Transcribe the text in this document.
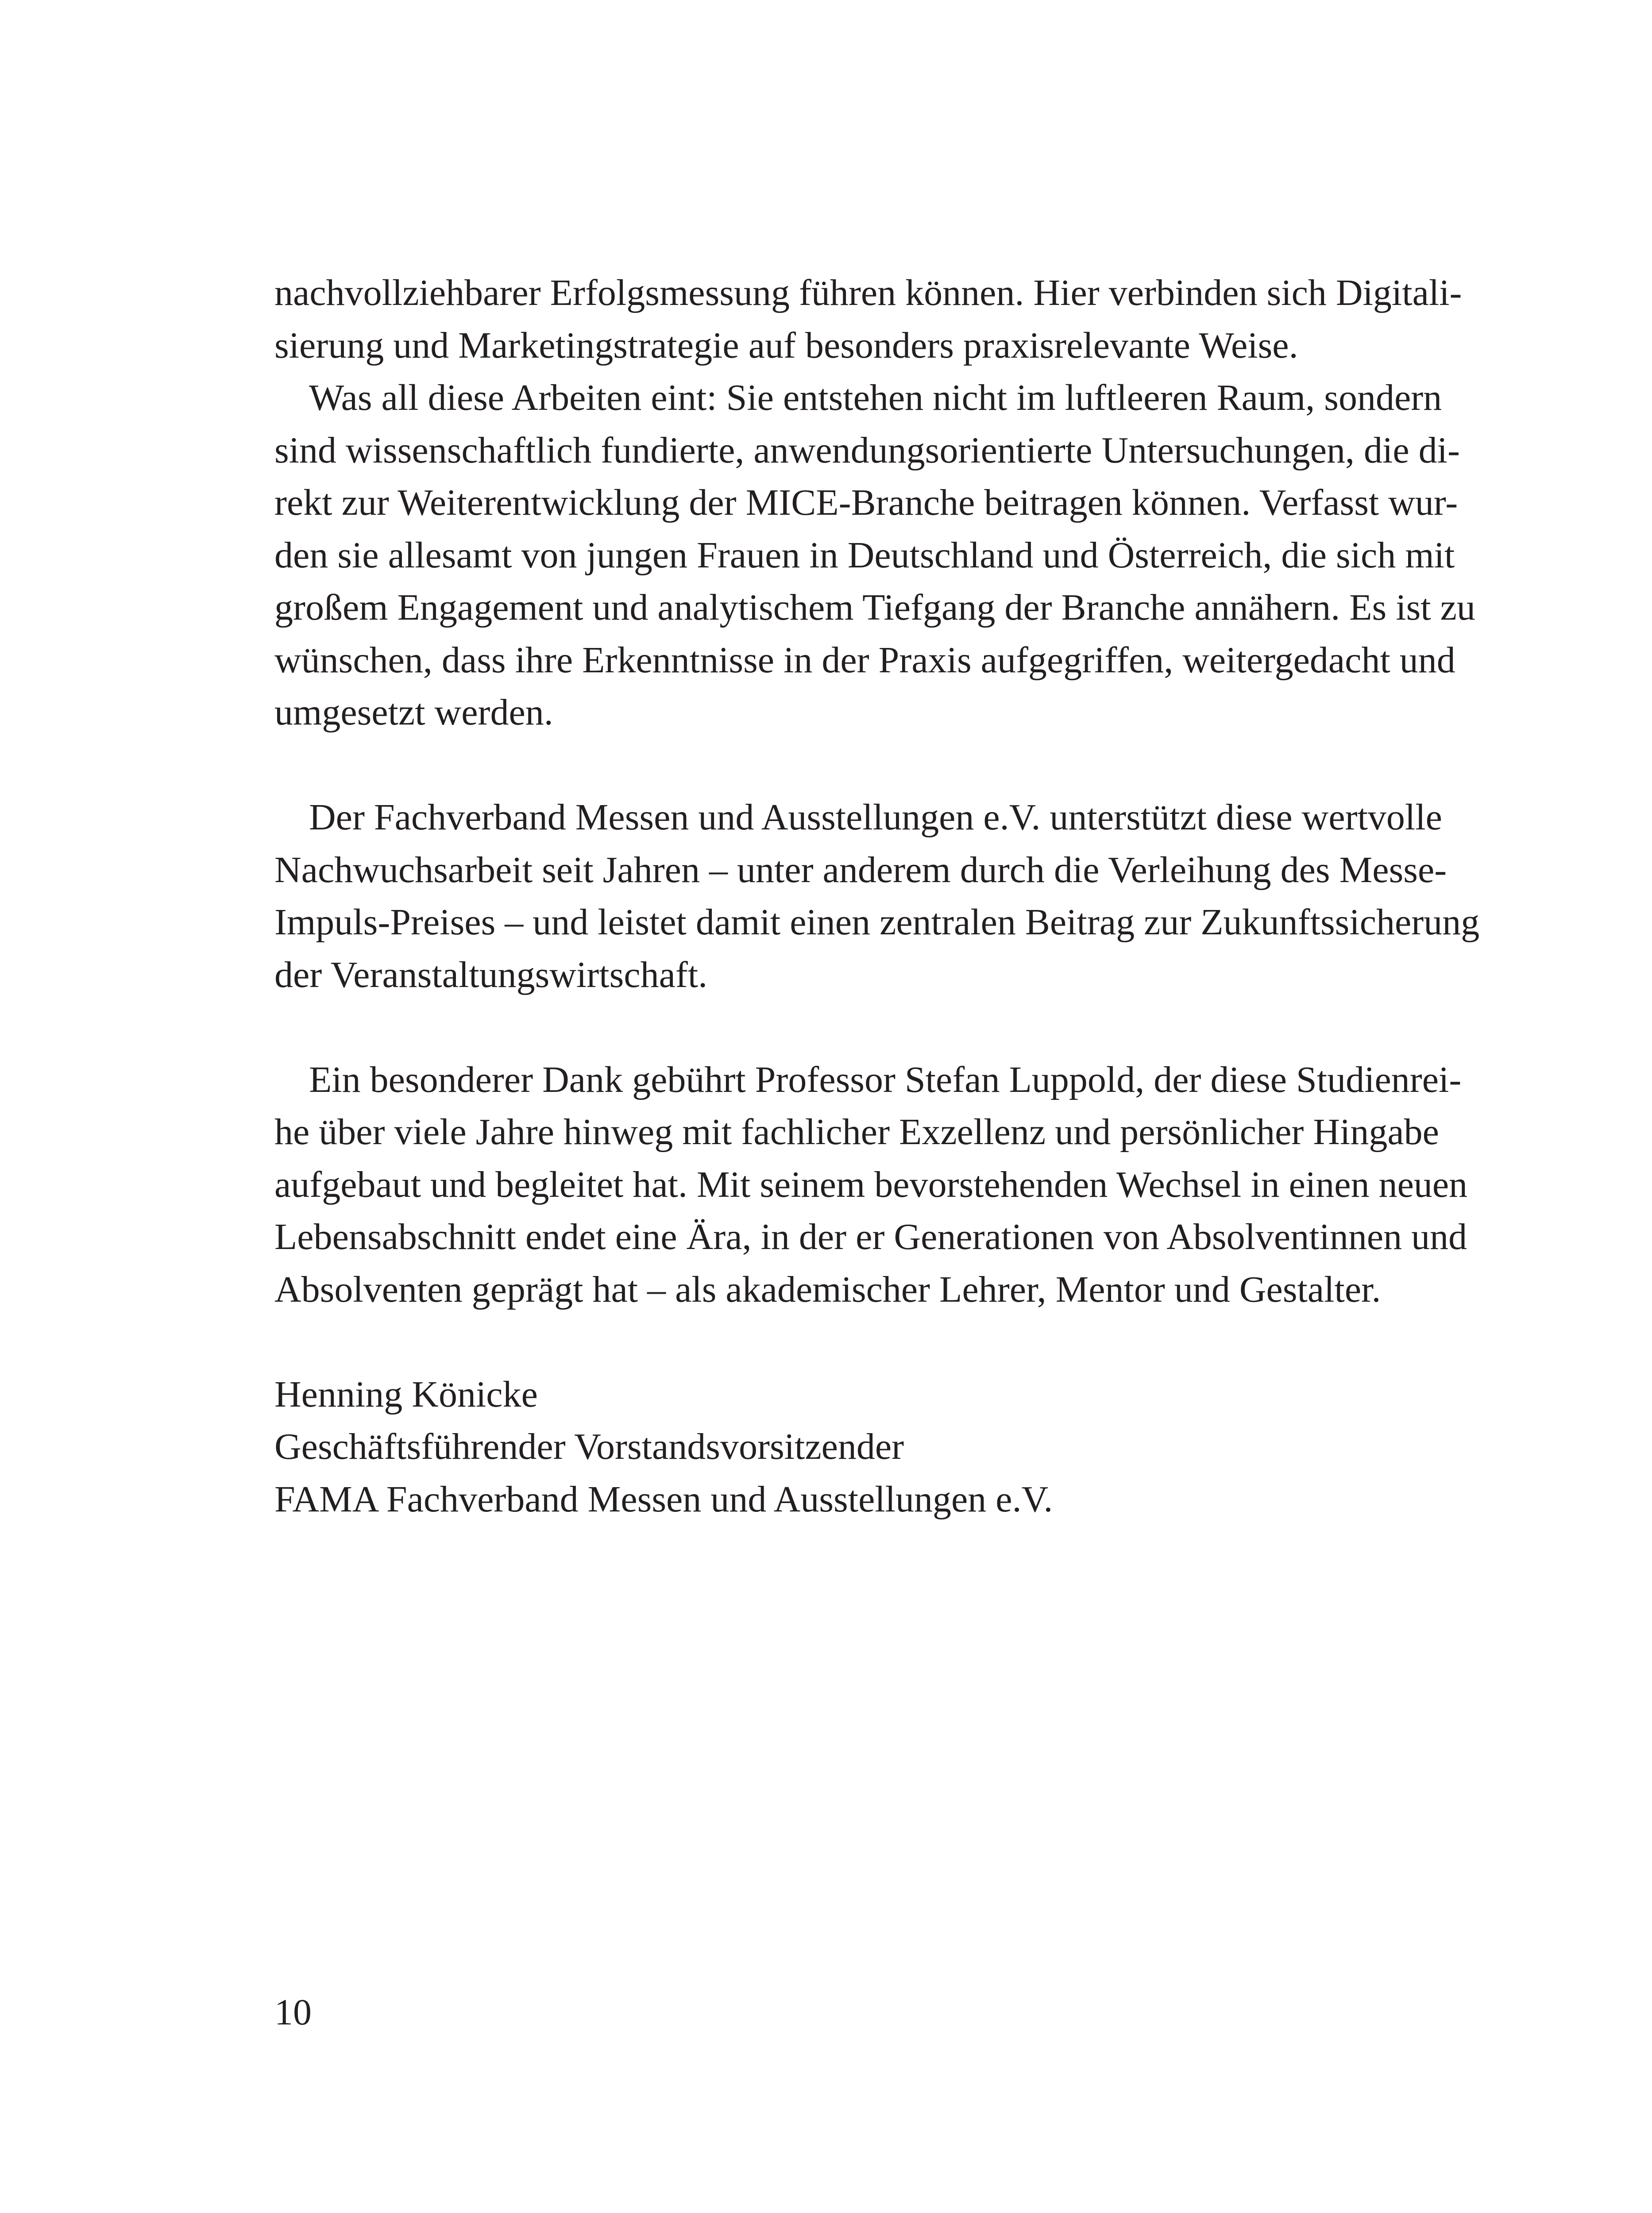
nachvollziehbarer Erfolgsmessung führen können. Hier verbinden sich Digitali-
sierung und Marketingstrategie auf besonders praxisrelevante Weise.

Was all diese Arbeiten eint: Sie entstehen nicht im luftleeren Raum, sondern
sind wissenschaftlich fundierte, anwendungsorientierte Untersuchungen, die di-
rekt zur Weiterentwicklung der MICE-Branche beitragen können. Verfasst wur-
den sie allesamt von jungen Frauen in Deutschland und Österreich, die sich mit
großem Engagement und analytischem Tiefgang der Branche annähern. Es ist zu
wünschen, dass ihre Erkenntnisse in der Praxis aufgegriffen, weitergedacht und
umgesetzt werden.

Der Fachverband Messen und Ausstellungen e.V. unterstützt diese wertvolle
Nachwuchsarbeit seit Jahren – unter anderem durch die Verleihung des Messe-
Impuls-Preises – und leistet damit einen zentralen Beitrag zur Zukunftssicherung
der Veranstaltungswirtschaft.

Ein besonderer Dank gebührt Professor Stefan Luppold, der diese Studienrei-
he über viele Jahre hinweg mit fachlicher Exzellenz und persönlicher Hingabe
aufgebaut und begleitet hat. Mit seinem bevorstehenden Wechsel in einen neuen
Lebensabschnitt endet eine Ära, in der er Generationen von Absolventinnen und
Absolventen geprägt hat – als akademischer Lehrer, Mentor und Gestalter.

Henning Könicke
Geschäftsführender Vorstandsvorsitzender
FAMA Fachverband Messen und Ausstellungen e.V.
10
